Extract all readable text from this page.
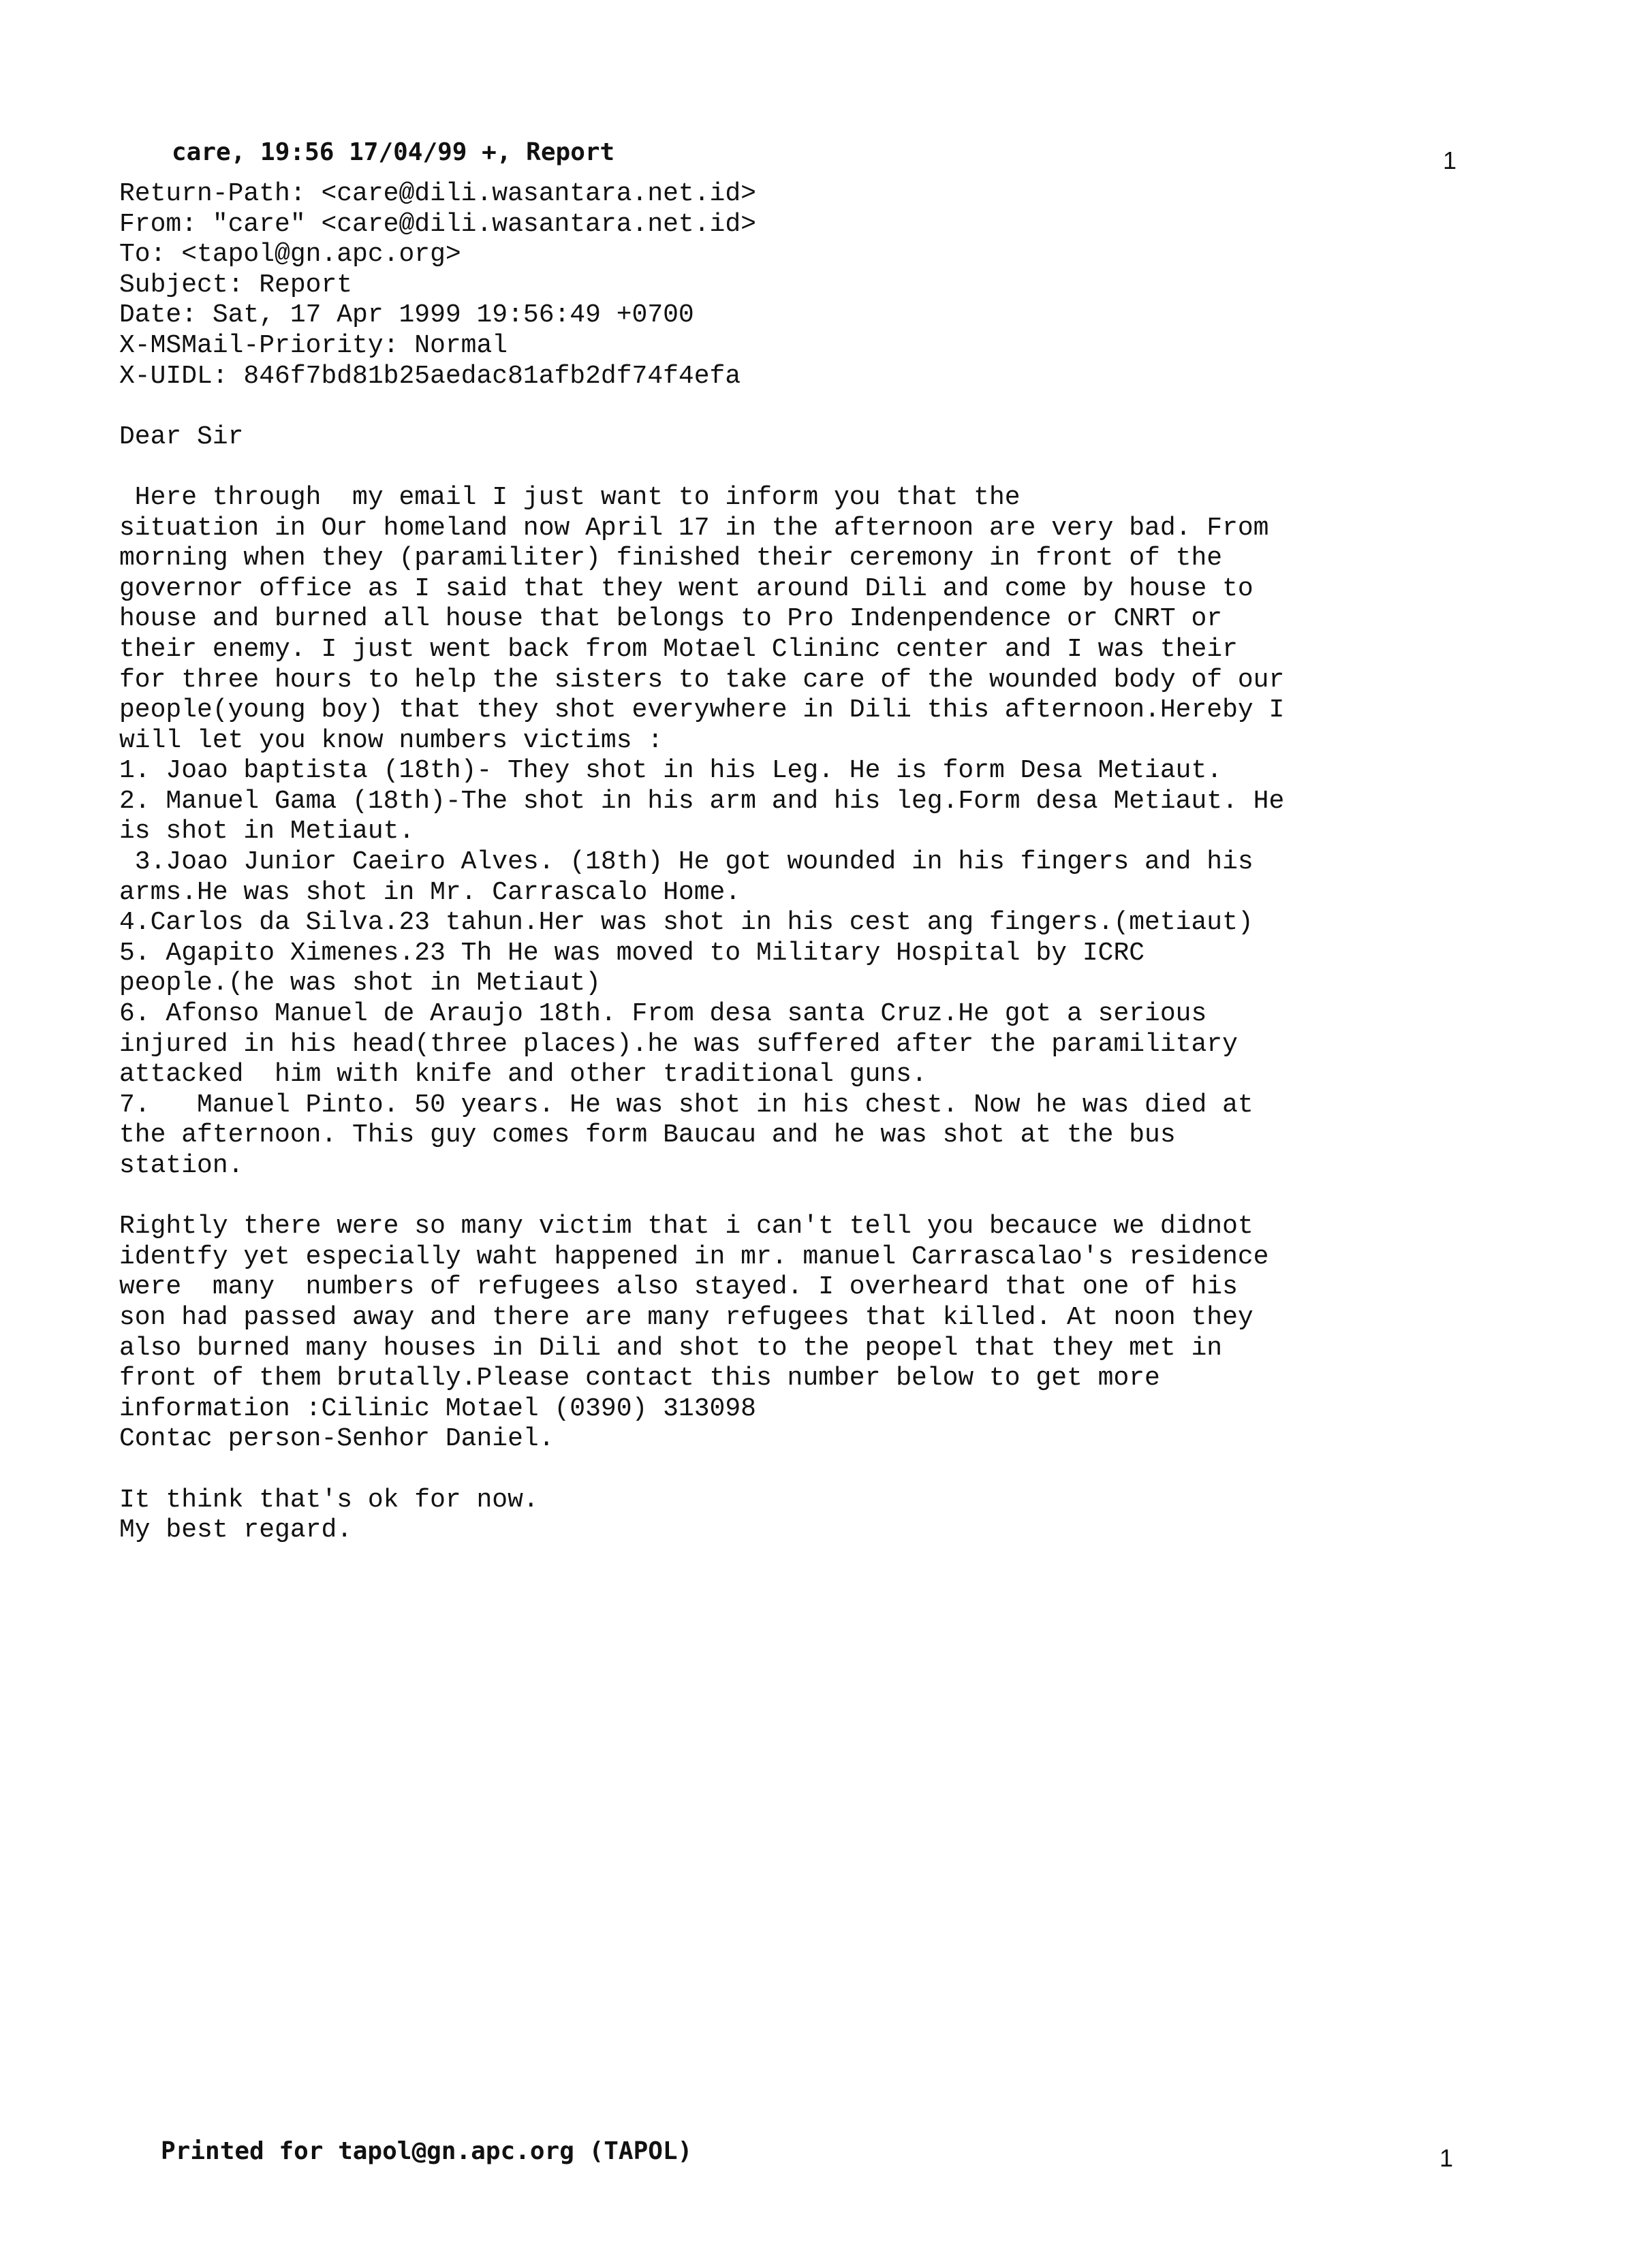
care, 19:56 17/04/99 +, Report	1
Return-Path: <care@dili.wasantara.net.id>
From: "care" <care@dili.wasantara.net.id>
To: <tapol@gn.apc.org>
Subject: Report
Date: Sat, 17 Apr 1999 19:56:49 +0700
X-MSMail-Priority: Normal
X-UIDL: 846f7bd81b25aedac81afb2df74f4efa
Dear Sir
Here through  my email I just want to inform you that the
situation in Our homeland now April 17 in the afternoon are very bad. From
morning when they (paramiliter) finished their ceremony in front of the
governor office as I said that they went around Dili and come by house to
house and burned all house that belongs to Pro Indenpendence or CNRT or
their enemy. I just went back from Motael Clininc center and I was their
for three hours to help the sisters to take care of the wounded body of our
people(young boy) that they shot everywhere in Dili this afternoon.Hereby I
will let you know numbers victims :
1. Joao baptista (18th)- They shot in his Leg. He is form Desa Metiaut.
2. Manuel Gama (18th)-The shot in his arm and his leg.Form desa Metiaut. He
is shot in Metiaut.
3.Joao Junior Caeiro Alves. (18th) He got wounded in his fingers and his
arms.He was shot in Mr. Carrascalo Home.
4.Carlos da Silva.23 tahun.Her was shot in his cest ang fingers.(metiaut)
5. Agapito Ximenes.23 Th He was moved to Military Hospital by ICRC
people.(he was shot in Metiaut)
6. Afonso Manuel de Araujo 18th. From desa santa Cruz.He got a serious
injured in his head(three places).he was suffered after the paramilitary
attacked  him with knife and other traditional guns.
7.   Manuel Pinto. 50 years. He was shot in his chest. Now he was died at
the afternoon. This guy comes form Baucau and he was shot at the bus
station.
Rightly there were so many victim that i can't tell you becauce we didnot
identfy yet especially waht happened in mr. manuel Carrascalao's residence
were  many  numbers of refugees also stayed. I overheard that one of his
son had passed away and there are many refugees that killed. At noon they
also burned many houses in Dili and shot to the peopel that they met in
front of them brutally.Please contact this number below to get more
information :Cilinic Motael (0390) 313098
Contac person-Senhor Daniel.
It think that's ok for now.
My best regard.
Printed for tapol@gn.apc.org (TAPOL)	1
